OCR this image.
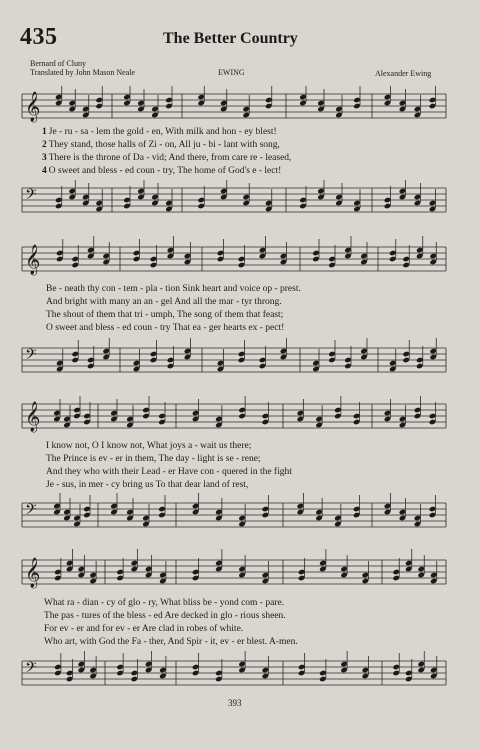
435	The Better Country
Bernard of Cluny
Translated by John Mason Neale	EWING	Alexander Ewing
𝄞
1 Je - ru - sa - lem the gold - en, With milk and hon - ey blest!
2 They stand, those halls of Zi - on, All ju - bi - lant with song,
3 There is the throne of Da - vid; And there, from care re - leased,
4 O sweet and bless - ed coun - try, The home of God's e - lect!
𝄢
𝄞
Be - neath thy con - tem - pla - tion Sink heart and voice op - prest.
And bright with many an an - gel And all the mar - tyr throng.
The shout of them that tri - umph, The song of them that feast;
O sweet and bless - ed coun - try That ea - ger hearts ex - pect!
𝄢
𝄞
I know not, O I know not, What joys a - wait us there;
The Prince is ev - er in them, The day - light is se - rene;
And they who with their Lead - er Have con - quered in the fight
Je - sus, in mer - cy bring us To that dear land of rest,
𝄢
𝄞
What ra - dian - cy of glo - ry, What bliss be - yond com - pare.
The pas - tures of the bless - ed Are decked in glo - rious sheen.
For ev - er and for ev - er Are clad in robes of white.
Who art, with God the Fa - ther, And Spir - it, ev - er blest. A-men.
𝄢
393
